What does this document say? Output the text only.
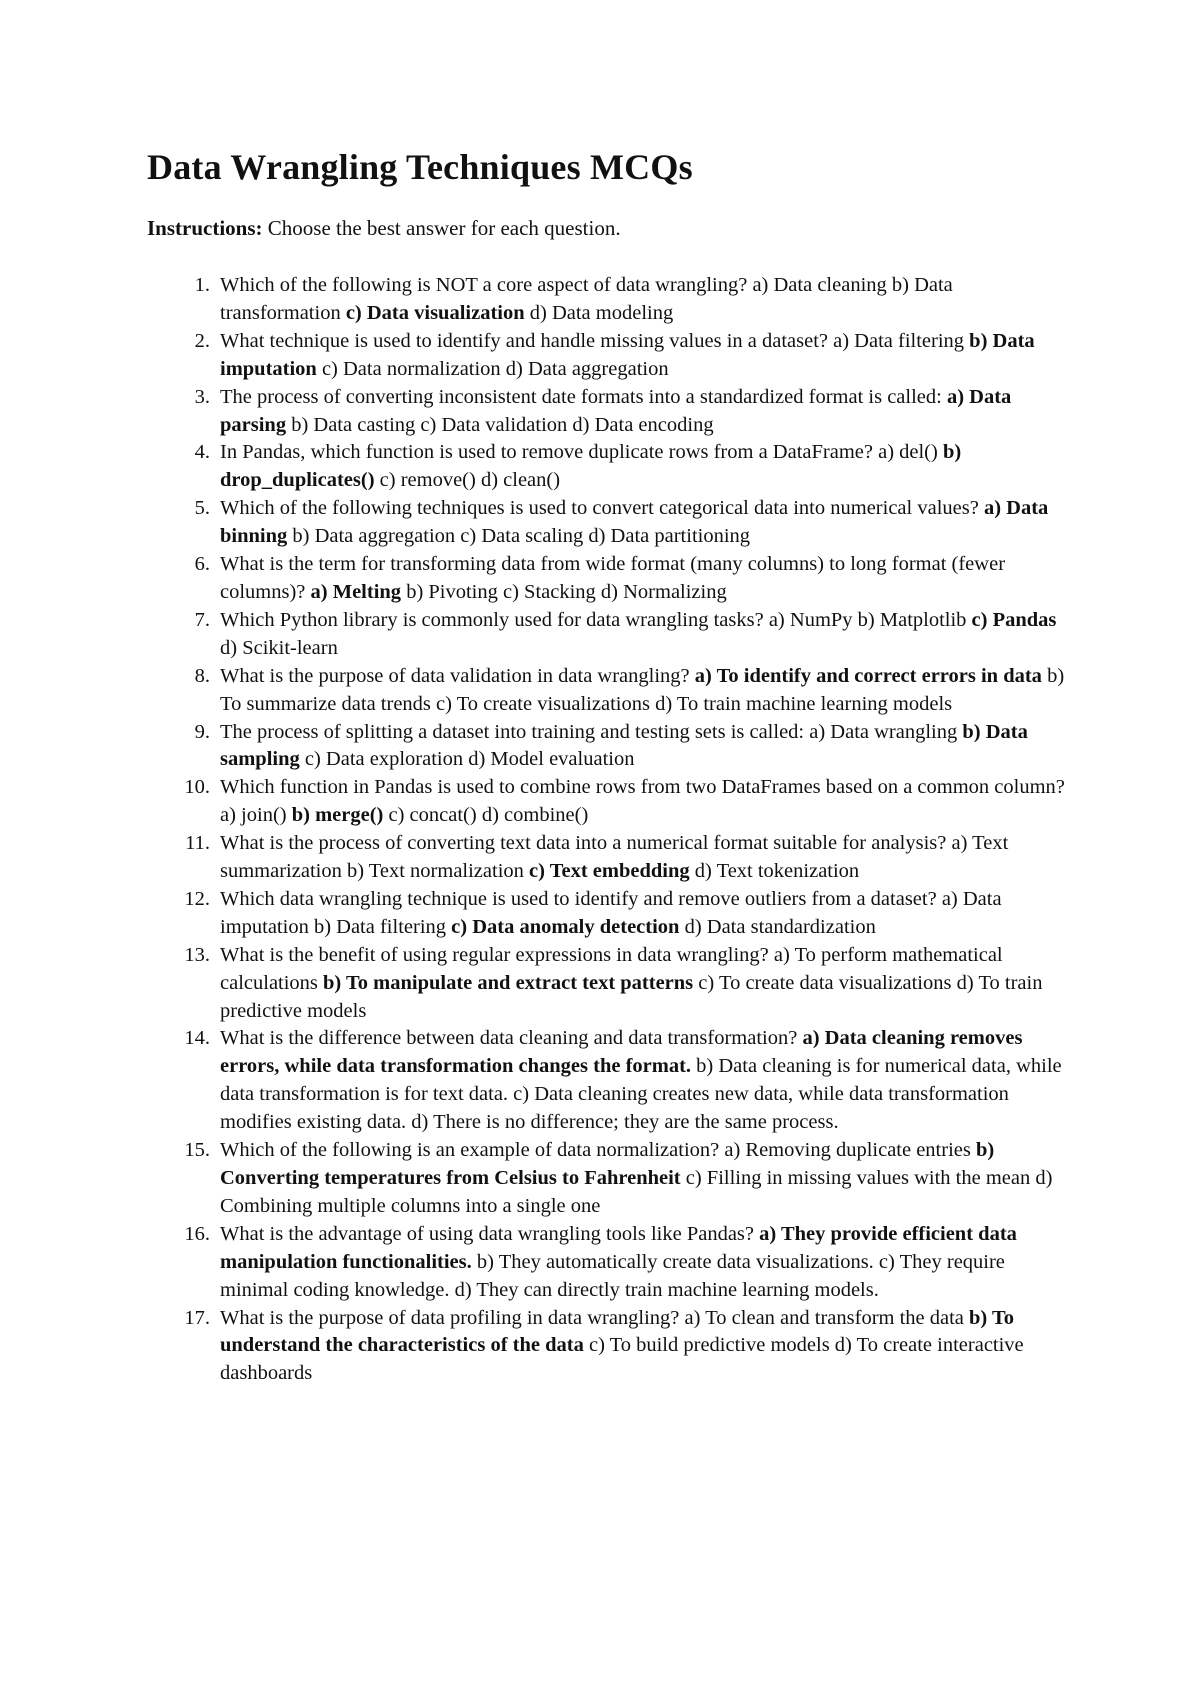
Data Wrangling Techniques MCQs

Instructions: Choose the best answer for each question.

1. Which of the following is NOT a core aspect of data wrangling? a) Data cleaning b) Data transformation c) Data visualization d) Data modeling
2. What technique is used to identify and handle missing values in a dataset? a) Data filtering b) Data imputation c) Data normalization d) Data aggregation
3. The process of converting inconsistent date formats into a standardized format is called: a) Data parsing b) Data casting c) Data validation d) Data encoding
4. In Pandas, which function is used to remove duplicate rows from a DataFrame? a) del() b) drop_duplicates() c) remove() d) clean()
5. Which of the following techniques is used to convert categorical data into numerical values? a) Data binning b) Data aggregation c) Data scaling d) Data partitioning
6. What is the term for transforming data from wide format (many columns) to long format (fewer columns)? a) Melting b) Pivoting c) Stacking d) Normalizing
7. Which Python library is commonly used for data wrangling tasks? a) NumPy b) Matplotlib c) Pandas d) Scikit-learn
8. What is the purpose of data validation in data wrangling? a) To identify and correct errors in data b) To summarize data trends c) To create visualizations d) To train machine learning models
9. The process of splitting a dataset into training and testing sets is called: a) Data wrangling b) Data sampling c) Data exploration d) Model evaluation
10. Which function in Pandas is used to combine rows from two DataFrames based on a common column? a) join() b) merge() c) concat() d) combine()
11. What is the process of converting text data into a numerical format suitable for analysis? a) Text summarization b) Text normalization c) Text embedding d) Text tokenization
12. Which data wrangling technique is used to identify and remove outliers from a dataset? a) Data imputation b) Data filtering c) Data anomaly detection d) Data standardization
13. What is the benefit of using regular expressions in data wrangling? a) To perform mathematical calculations b) To manipulate and extract text patterns c) To create data visualizations d) To train predictive models
14. What is the difference between data cleaning and data transformation? a) Data cleaning removes errors, while data transformation changes the format. b) Data cleaning is for numerical data, while data transformation is for text data. c) Data cleaning creates new data, while data transformation modifies existing data. d) There is no difference; they are the same process.
15. Which of the following is an example of data normalization? a) Removing duplicate entries b) Converting temperatures from Celsius to Fahrenheit c) Filling in missing values with the mean d) Combining multiple columns into a single one
16. What is the advantage of using data wrangling tools like Pandas? a) They provide efficient data manipulation functionalities. b) They automatically create data visualizations. c) They require minimal coding knowledge. d) They can directly train machine learning models.
17. What is the purpose of data profiling in data wrangling? a) To clean and transform the data b) To understand the characteristics of the data c) To build predictive models d) To create interactive dashboards
